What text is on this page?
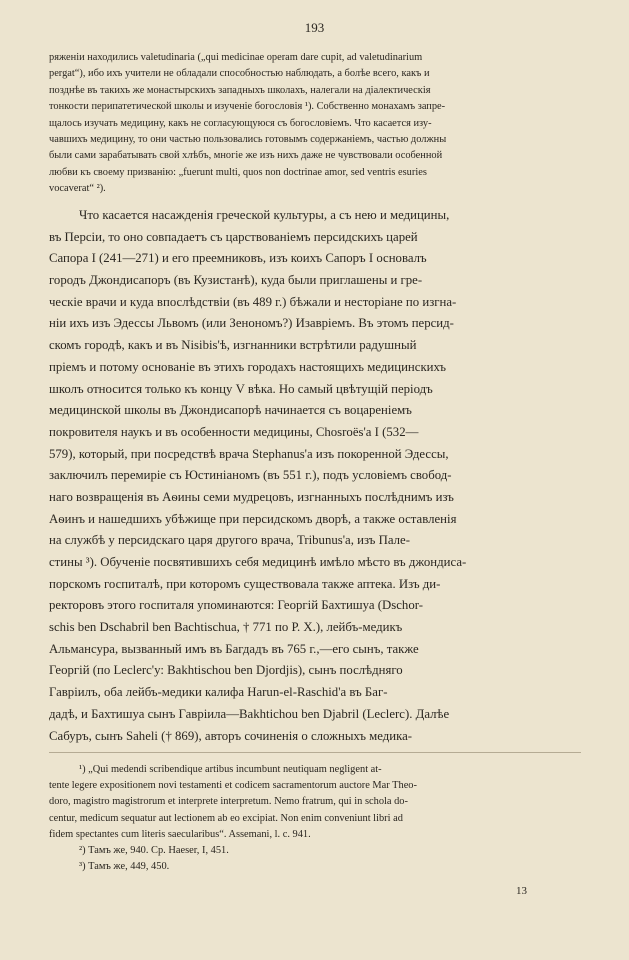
193
ряженіи находились valetudinaria („qui medicinae operam dare cupit, ad valetudinarium
pergat“), ибо ихъ учители не обладали способностью наблюдать, а болѣе всего, какъ и
позднѣе въ такихъ же монастырскихъ западныхъ школахъ, налегали на діалектическія
тонкости перипатетической школы и изученіе богословія ¹). Собственно монахамъ запре-
щалось изучать медицину, какъ не согласующуюся съ богословіемъ. Что касается изу-
чавшихъ медицину, то они частью пользовались готовымъ содержаніемъ, частью должны
были сами зарабатывать свой хлѣбъ, многіе же изъ нихъ даже не чувствовали особенной
любви къ своему призванію: „fuerunt multi, quos non doctrinae amor, sed ventris esuries
vocaverat“ ²).
Что касается насажденія греческой культуры, а съ нею и медицины,
въ Персіи, то оно совпадаетъ съ царствованіемъ персидскихъ царей
Сапора I (241—271) и его преемниковъ, изъ коихъ Сапоръ I основалъ
городъ Джондисапоръ (въ Кузистанѣ), куда были приглашены и гре-
ческіе врачи и куда впослѣдствіи (въ 489 г.) бѣжали и несторіане по изгна-
ніи ихъ изъ Эдессы Львомъ (или Зенономъ?) Изавріемъ. Въ этомъ персид-
скомъ городѣ, какъ и въ Nisibis'ѣ, изгнанники встрѣтили радушный
пріемъ и потому основаніе въ этихъ городахъ настоящихъ медицинскихъ
школъ относится только къ концу V вѣка. Но самый цвѣтущій періодъ
медицинской школы въ Джондисапорѣ начинается съ воцареніемъ
покровителя наукъ и въ особенности медицины, Chosroës'a I (532—
579), который, при посредствѣ врача Stephanus'a изъ покоренной Эдессы,
заключилъ перемиріе съ Юстиніаномъ (въ 551 г.), подъ условіемъ свобод-
наго возвращенія въ Аѳины семи мудрецовъ, изгнанныхъ послѣднимъ изъ
Аѳинъ и нашедшихъ убѣжище при персидскомъ дворѣ, а также оставленія
на службѣ у персидскаго царя другого врача, Tribunus'a, изъ Пале-
стины ³). Обученіе посвятившихъ себя медицинѣ имѣло мѣсто въ джондиса-
порскомъ госпиталѣ, при которомъ существовала также аптека. Изъ ди-
ректоровъ этого госпиталя упоминаются: Георгій Бахтишуа (Dschor-
schis ben Dschabril ben Bachtischua, † 771 по Р. Х.), лейбъ-медикъ
Альмансура, вызванный имъ въ Багдадъ въ 765 г.,—его сынъ, также
Георгій (по Leclerc'у: Bakhtischou ben Djordjis), сынъ послѣдняго
Гавріилъ, оба лейбъ-медики калифа Harun-el-Raschid'a въ Баг-
дадѣ, и Бахтишуа сынъ Гавріила—Bakhtichou ben Djabril (Leclerc). Далѣе
Сабуръ, сынъ Saheli († 869), авторъ сочиненія о сложныхъ медика-
¹) „Qui medendi scribendique artibus incumbunt neutiquam negligent at-
tente legere expositionem novi testamenti et codicem sacramentorum auctore Mar Theo-
doro, magistro magistrorum et interprete interpretum. Nemo fratrum, qui in schola do-
centur, medicum sequatur aut lectionem ab eo excipiat. Non enim conveniunt libri ad
fidem spectantes cum literis saecularibus“. Assemani, l. c. 941.
²) Тамъ же, 940. Ср. Haeser, I, 451.
³) Тамъ же, 449, 450.
13
